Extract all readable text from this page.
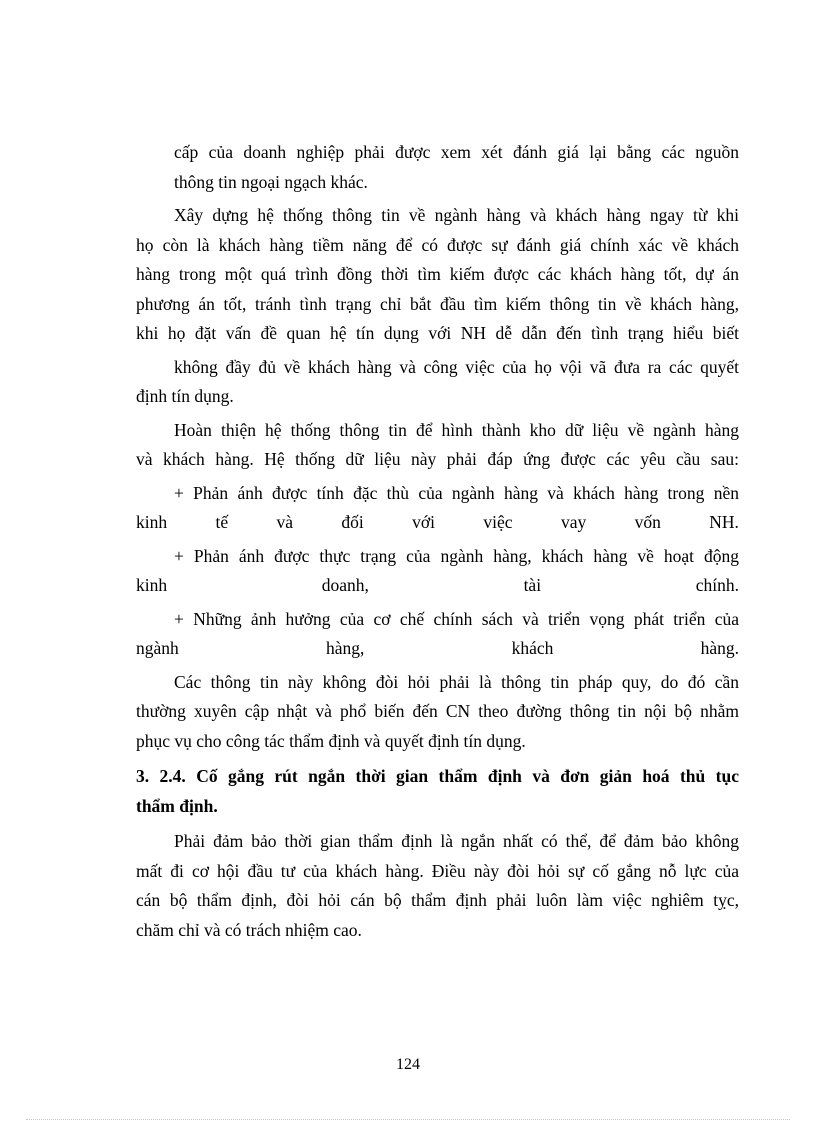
cấp của doanh nghiệp phải được xem xét đánh giá lại bằng các nguồn
thông tin ngoại ngạch khác.

Xây dựng hệ thống thông tin về ngành hàng và khách hàng ngay từ khi
họ còn là khách hàng tiềm năng để có được sự đánh giá chính xác về khách
hàng trong một quá trình đồng thời tìm kiếm được các khách hàng tốt, dự án
phương án tốt, tránh tình trạng chỉ bắt đầu tìm kiếm thông tin về khách hàng,
khi họ đặt vấn đề quan hệ tín dụng với NH dễ dẫn đến tình trạng hiểu biết

không đầy đủ về khách hàng và công việc của họ vội vã đưa ra các quyết
định tín dụng.

Hoàn thiện hệ thống thông tin để hình thành kho dữ liệu về ngành hàng
và khách hàng. Hệ thống dữ liệu này phải đáp ứng được các yêu cầu sau:

+ Phản ánh được tính đặc thù của ngành hàng và khách hàng trong nền
kinh	tế	và	đối	với	việc	vay	vốn	NH.

+ Phản ánh được thực trạng của ngành hàng, khách hàng về hoạt động
kinh	doanh,	tài	chính.

+ Những ảnh hưởng của cơ chế chính sách và triển vọng phát triển của
ngành	hàng,	khách	hàng.

Các thông tin này không đòi hỏi phải là thông tin pháp quy, do đó cần
thường xuyên cập nhật và phổ biến đến CN theo đường thông tin nội bộ nhằm
phục vụ cho công tác thẩm định và quyết định tín dụng.

3. 2.4. Cố gắng rút ngắn thời gian thẩm định và đơn giản hoá thủ tục
thẩm định.

Phải đảm bảo thời gian thẩm định là ngắn nhất có thể, để đảm bảo không
mất đi cơ hội đầu tư của khách hàng. Điều này đòi hỏi sự cố gắng nỗ lực của
cán bộ thẩm định, đòi hỏi cán bộ thẩm định phải luôn làm việc nghiêm tỵc,
chăm chỉ và có trách nhiệm cao.

124
